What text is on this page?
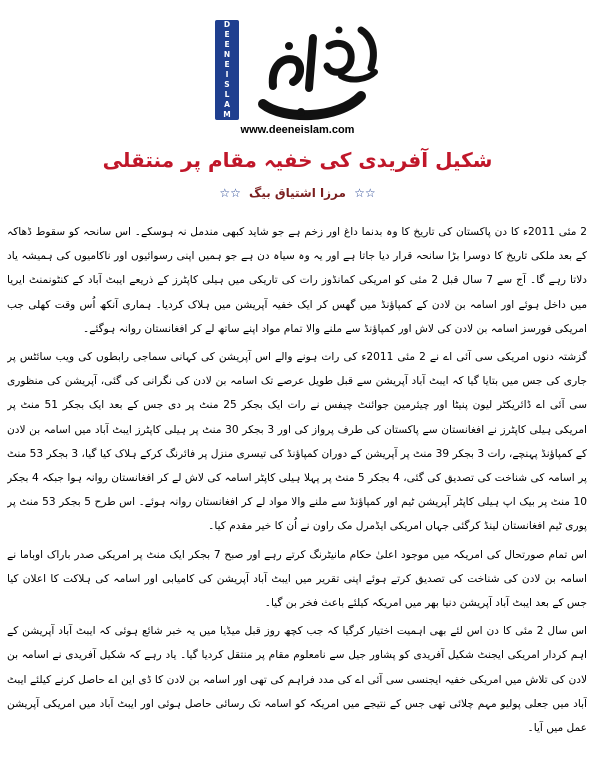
DEENEISLAM
www.deeneislam.com
شکیل آفریدی کی خفیہ مقام پر منتقلی
☆☆ مرزا اشتیاق بیگ ☆☆

2 مئی 2011ء کا دن پاکستان کی تاریخ کا وہ بدنما داغ اور زخم ہے جو شاید کبھی مندمل نہ ہوسکے۔ اس سانحہ کو سقوط ڈھاکہ کے بعد ملکی تاریخ کا دوسرا بڑا سانحہ قرار دیا جاتا ہے اور یہ وہ سیاہ دن ہے جو ہمیں اپنی رسوائیوں اور ناکامیوں کی ہمیشہ یاد دلاتا رہے گا۔ آج سے 7 سال قبل 2 مئی کو امریکی کمانڈوز رات کی تاریکی میں ہیلی کاپٹرز کے ذریعے ایبٹ آباد کے کنٹونمنٹ ایریا میں داخل ہوئے اور اسامہ بن لادن کے کمپاؤنڈ میں گھس کر ایک خفیہ آپریشن میں ہلاک کردیا۔ ہماری آنکھ اُس وقت کھلی جب امریکی فورسز اسامہ بن لادن کی لاش اور کمپاؤنڈ سے ملنے والا تمام مواد اپنے ساتھ لے کر افغانستان روانہ ہوگئے۔

گزشتہ دنوں امریکی سی آئی اے نے 2 مئی 2011ء کی رات ہونے والے اس آپریشن کی کہانی سماجی رابطوں کی ویب سائٹس پر جاری کی جس میں بتایا گیا کہ ایبٹ آباد آپریشن سے قبل طویل عرصے تک اسامہ بن لادن کی نگرانی کی گئی، آپریشن کی منظوری سی آئی اے ڈائریکٹر لیون پنیٹا اور چیئرمین جوائنٹ چیفس نے رات ایک بجکر 25 منٹ پر دی جس کے بعد ایک بجکر 51 منٹ پر امریکی ہیلی کاپٹرز نے افغانستان سے پاکستان کی طرف پرواز کی اور 3 بجکر 30 منٹ پر ہیلی کاپٹرز ایبٹ آباد میں اسامہ بن لادن کے کمپاؤنڈ پہنچے، رات 3 بجکر 39 منٹ پر آپریشن کے دوران کمپاؤنڈ کی تیسری منزل پر فائرنگ کرکے ہلاک کیا گیا، 3 بجکر 53 منٹ پر اسامہ کی شناخت کی تصدیق کی گئی، 4 بجکر 5 منٹ پر پہلا ہیلی کاپٹر اسامہ کی لاش لے کر افغانستان روانہ ہوا جبکہ 4 بجکر 10 منٹ پر بیک اپ ہیلی کاپٹر آپریشن ٹیم اور کمپاؤنڈ سے ملنے والا مواد لے کر افغانستان روانہ ہوئے۔ اس طرح 5 بجکر 53 منٹ پر پوری ٹیم افغانستان لینڈ کرگئی جہاں امریکی ایڈمرل مک راون نے اُن کا خیر مقدم کیا۔

اس تمام صورتحال کی امریکہ میں موجود اعلیٰ حکام مانیٹرنگ کرتے رہے اور صبح 7 بجکر ایک منٹ پر امریکی صدر باراک اوباما نے اسامہ بن لادن کی شناخت کی تصدیق کرتے ہوئے اپنی تقریر میں ایبٹ آباد آپریشن کی کامیابی اور اسامہ کی ہلاکت کا اعلان کیا جس کے بعد ایبٹ آباد آپریشن دنیا بھر میں امریکہ کیلئے باعث فخر بن گیا۔

اس سال 2 مئی کا دن اس لئے بھی اہمیت اختیار کرگیا کہ جب کچھ روز قبل میڈیا میں یہ خبر شائع ہوئی کہ ایبٹ آباد آپریشن کے اہم کردار امریکی ایجنٹ شکیل آفریدی کو پشاور جیل سے نامعلوم مقام پر منتقل کردیا گیا۔ یاد رہے کہ شکیل آفریدی نے اسامہ بن لادن کی تلاش میں امریکی خفیہ ایجنسی سی آئی اے کی مدد فراہم کی تھی اور اسامہ بن لادن کا ڈی این اے حاصل کرنے کیلئے ایبٹ آباد میں جعلی پولیو مہم چلائی تھی جس کے نتیجے میں امریکہ کو اسامہ تک رسائی حاصل ہوئی اور ایبٹ آباد میں امریکی آپریشن عمل میں آیا۔
